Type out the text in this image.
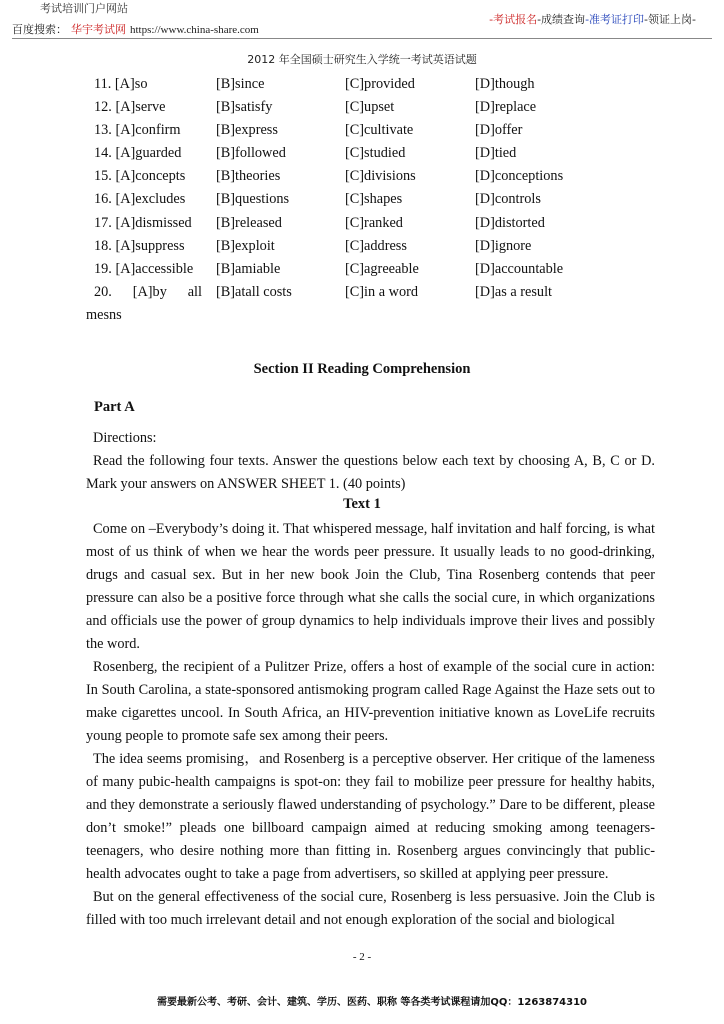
考试培训门户网站
百度搜索： 华宇考试网 https://www.china-share.com
-考试报名-成绩查询-准考证打印-领证上岗-
2012 年全国硕士研究生入学统一考试英语试题
11. [A]so	[B]since	[C]provided	[D]though
12. [A]serve	[B]satisfy	[C]upset	[D]replace
13. [A]confirm [B]express	[C]cultivate	[D]offer
14. [A]guarded [B]followed	[C]studied	[D]tied
15. [A]concepts [B]theories	[C]divisions	[D]conceptions
16. [A]excludes [B]questions	[C]shapes	[D]controls
17. [A]dismissed [B]released	[C]ranked	[D]distorted
18. [A]suppress [B]exploit	[C]address	[D]ignore
19. [A]accessible [B]amiable	[C]agreeable	[D]accountable
20. [A]by all [B]atall costs	[C]in a word	[D]as a result
mesns
Section II Reading Comprehension
Part A

Directions:

Read the following four texts. Answer the questions below each text by choosing A, B, C or D. Mark your answers on ANSWER SHEET 1. (40 points)

Text 1

Come on –Everybody’s doing it. That whispered message, half invitation and half forcing, is what most of us think of when we hear the words peer pressure. It usually leads to no good-drinking, drugs and casual sex. But in her new book Join the Club, Tina Rosenberg contends that peer pressure can also be a positive force through what she calls the social cure, in which organizations and officials use the power of group dynamics to help individuals improve their lives and possibly the word.

Rosenberg, the recipient of a Pulitzer Prize, offers a host of example of the social cure in action: In South Carolina, a state-sponsored antismoking program called Rage Against the Haze sets out to make cigarettes uncool. In South Africa, an HIV-prevention initiative known as LoveLife recruits young people to promote safe sex among their peers.

The idea seems promising，and Rosenberg is a perceptive observer. Her critique of the lameness of many pubic-health campaigns is spot-on: they fail to mobilize peer pressure for healthy habits, and they demonstrate a seriously flawed understanding of psychology.” Dare to be different, please don’t smoke!” pleads one billboard campaign aimed at reducing smoking among teenagers-teenagers, who desire nothing more than fitting in. Rosenberg argues convincingly that public-health advocates ought to take a page from advertisers, so skilled at applying peer pressure.

But on the general effectiveness of the social cure, Rosenberg is less persuasive. Join the Club is filled with too much irrelevant detail and not enough exploration of the social and biological

- 2 -
需要最新公考、考研、会计、建筑、学历、医药、职称 等各类考试课程请加QQ：1263874310
